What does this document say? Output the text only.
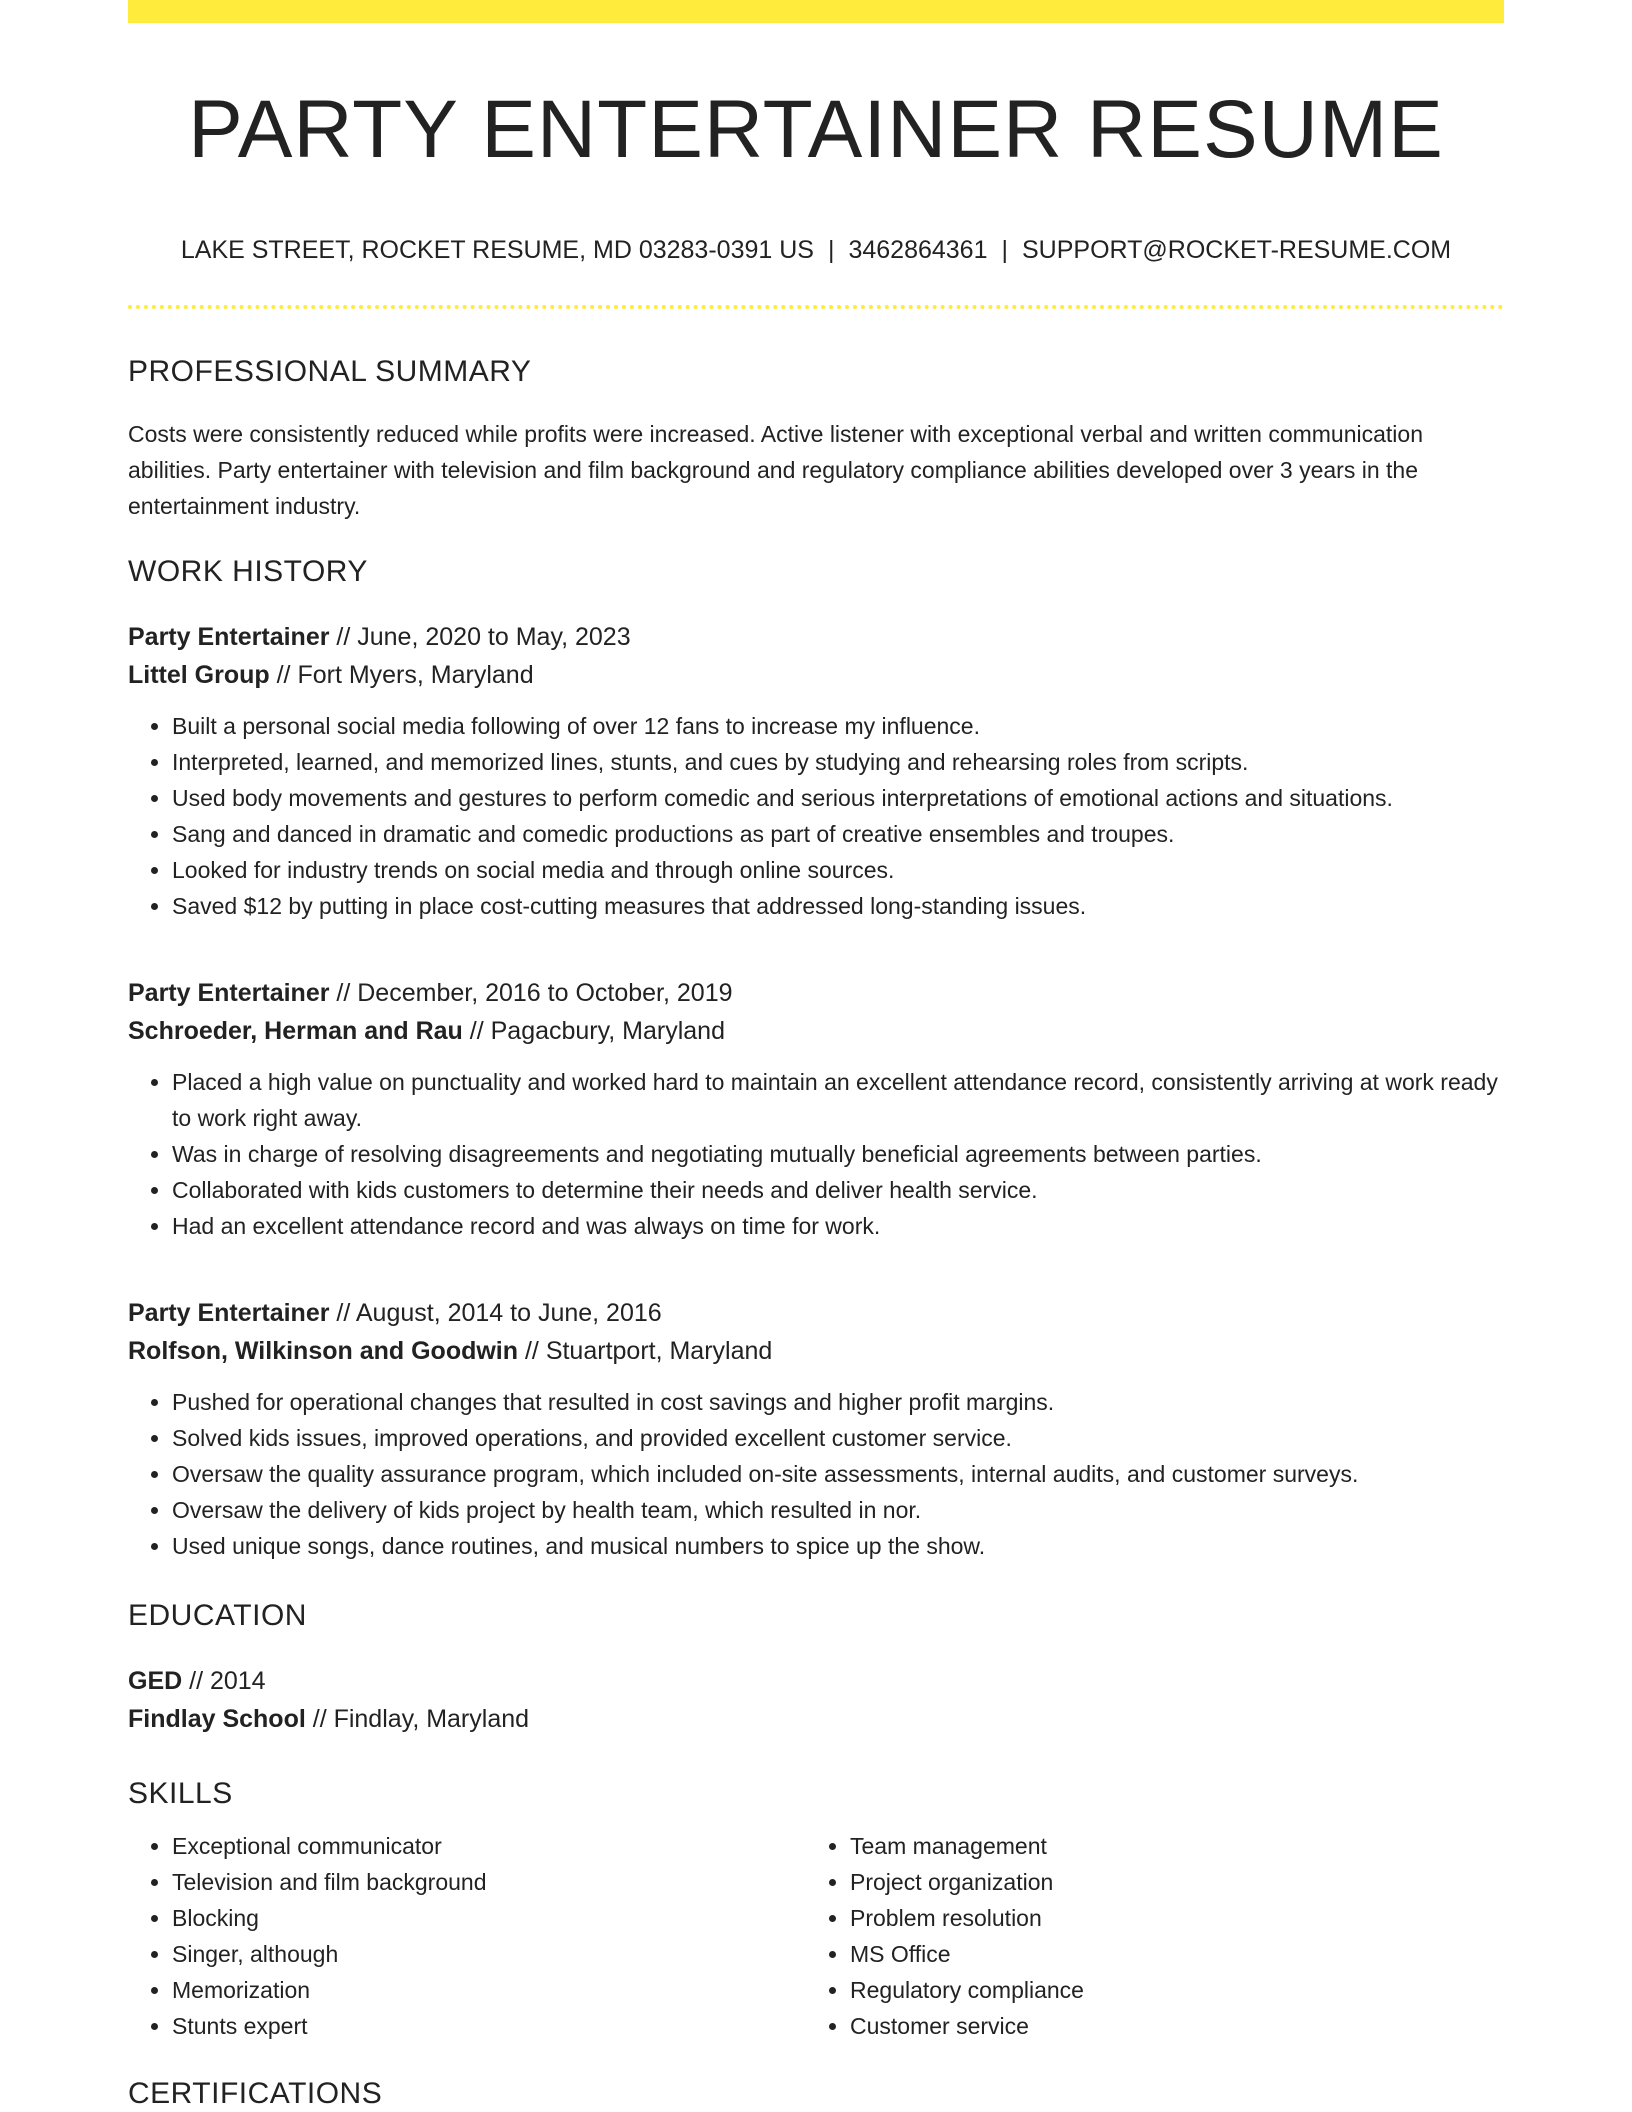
PARTY ENTERTAINER RESUME
LAKE STREET, ROCKET RESUME, MD 03283-0391 US | 3462864361 | SUPPORT@ROCKET-RESUME.COM
PROFESSIONAL SUMMARY
Costs were consistently reduced while profits were increased. Active listener with exceptional verbal and written communication abilities. Party entertainer with television and film background and regulatory compliance abilities developed over 3 years in the entertainment industry.
WORK HISTORY
Party Entertainer // June, 2020 to May, 2023
Littel Group // Fort Myers, Maryland
• Built a personal social media following of over 12 fans to increase my influence.
• Interpreted, learned, and memorized lines, stunts, and cues by studying and rehearsing roles from scripts.
• Used body movements and gestures to perform comedic and serious interpretations of emotional actions and situations.
• Sang and danced in dramatic and comedic productions as part of creative ensembles and troupes.
• Looked for industry trends on social media and through online sources.
• Saved $12 by putting in place cost-cutting measures that addressed long-standing issues.
Party Entertainer // December, 2016 to October, 2019
Schroeder, Herman and Rau // Pagacbury, Maryland
• Placed a high value on punctuality and worked hard to maintain an excellent attendance record, consistently arriving at work ready to work right away.
• Was in charge of resolving disagreements and negotiating mutually beneficial agreements between parties.
• Collaborated with kids customers to determine their needs and deliver health service.
• Had an excellent attendance record and was always on time for work.
Party Entertainer // August, 2014 to June, 2016
Rolfson, Wilkinson and Goodwin // Stuartport, Maryland
• Pushed for operational changes that resulted in cost savings and higher profit margins.
• Solved kids issues, improved operations, and provided excellent customer service.
• Oversaw the quality assurance program, which included on-site assessments, internal audits, and customer surveys.
• Oversaw the delivery of kids project by health team, which resulted in nor.
• Used unique songs, dance routines, and musical numbers to spice up the show.
EDUCATION
GED // 2014
Findlay School // Findlay, Maryland
SKILLS
• Exceptional communicator
• Television and film background
• Blocking
• Singer, although
• Memorization
• Stunts expert
• Team management
• Project organization
• Problem resolution
• MS Office
• Regulatory compliance
• Customer service
CERTIFICATIONS
